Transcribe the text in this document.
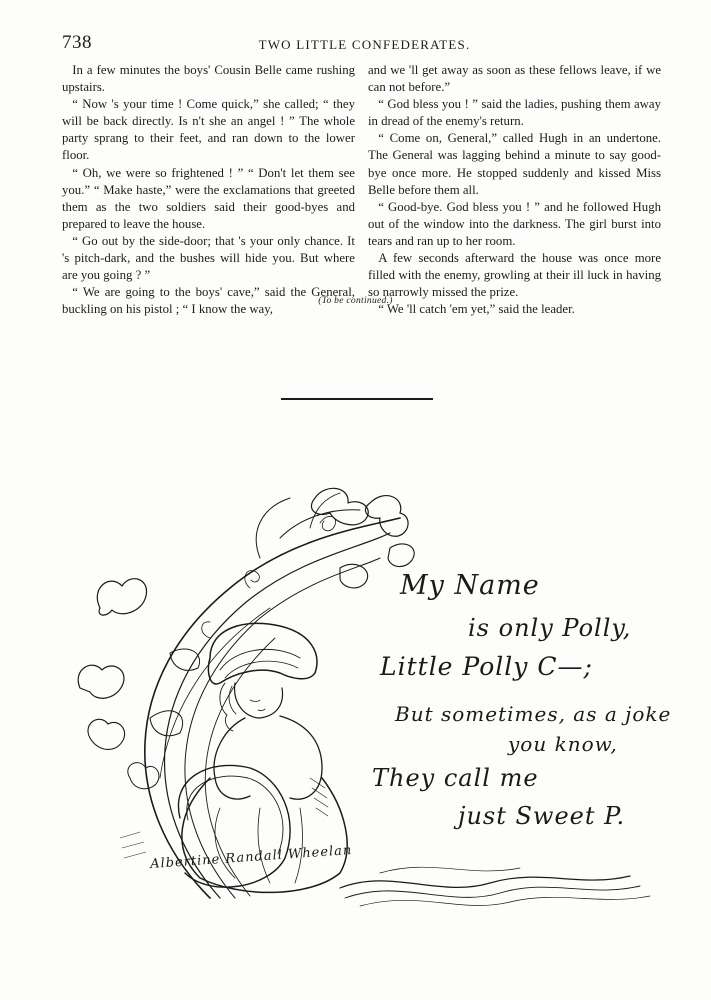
738	TWO LITTLE CONFEDERATES.

In a few minutes the boys' Cousin Belle came rushing upstairs.

“ Now 's your time ! Come quick,” she called; “ they will be back directly. Is n't she an angel ! ” The whole party sprang to their feet, and ran down to the lower floor.

“ Oh, we were so frightened ! ” “ Don't let them see you.” “ Make haste,” were the exclamations that greeted them as the two soldiers said their good-byes and prepared to leave the house.

“ Go out by the side-door; that 's your only chance. It 's pitch-dark, and the bushes will hide you. But where are you going ? ”

“ We are going to the boys' cave,” said the General, buckling on his pistol ; “ I know the way,

and we 'll get away as soon as these fellows leave, if we can not before.”

“ God bless you ! ” said the ladies, pushing them away in dread of the enemy's return.

“ Come on, General,” called Hugh in an undertone. The General was lagging behind a minute to say good-bye once more. He stopped suddenly and kissed Miss Belle before them all.

“ Good-bye. God bless you ! ” and he followed Hugh out of the window into the darkness. The girl burst into tears and ran up to her room.

A few seconds afterward the house was once more filled with the enemy, growling at their ill luck in having so narrowly missed the prize.

“ We 'll catch 'em yet,” said the leader.

(To be continued.)
My Name
is only Polly,
Little Polly C—;
But sometimes, as a joke
you know,
They call me
just Sweet P.
Albertine Randall Wheelan
